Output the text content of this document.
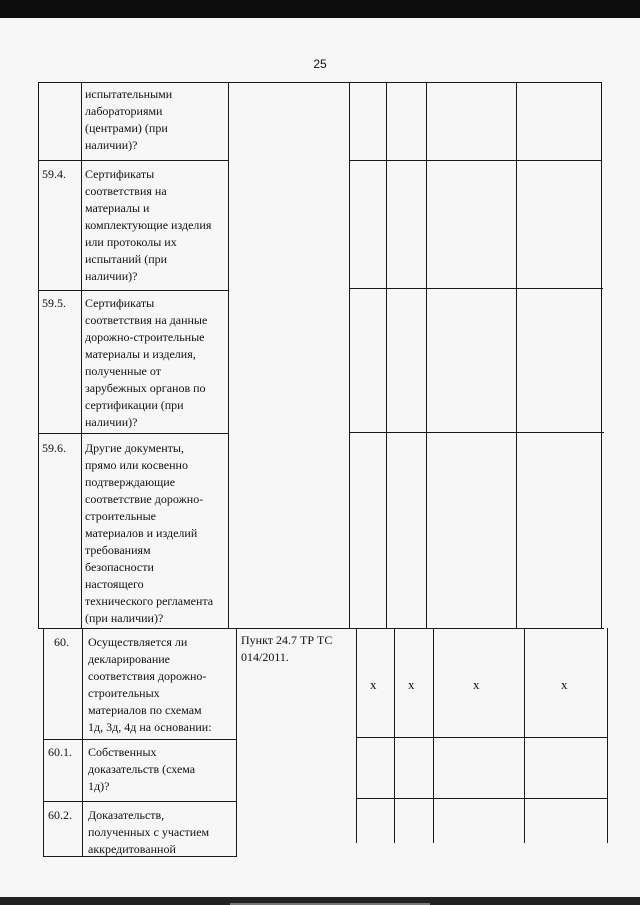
25
испытательными
лабораториями
(центрами) (при
наличии)?
59.4. Сертификаты
соответствия на
материалы и
комплектующие изделия
или протоколы их
испытаний (при
наличии)?
59.5. Сертификаты
соответствия на данные
дорожно-строительные
материалы и изделия,
полученные от
зарубежных органов по
сертификации (при
наличии)?
59.6. Другие документы,
прямо или косвенно
подтверждающие
соответствие дорожно-
строительные
материалов и изделий
требованиям
безопасности
настоящего
технического регламента
(при наличии)?
60. Осуществляется ли
декларирование
соответствия дорожно-
строительных
материалов по схемам
1д, 3д, 4д на основании:
Пункт 24.7 ТР ТС
014/2011.
х х	х	х
60.1. Собственных
доказательств (схема
1д)?
60.2. Доказательств,
полученных с участием
аккредитованной
